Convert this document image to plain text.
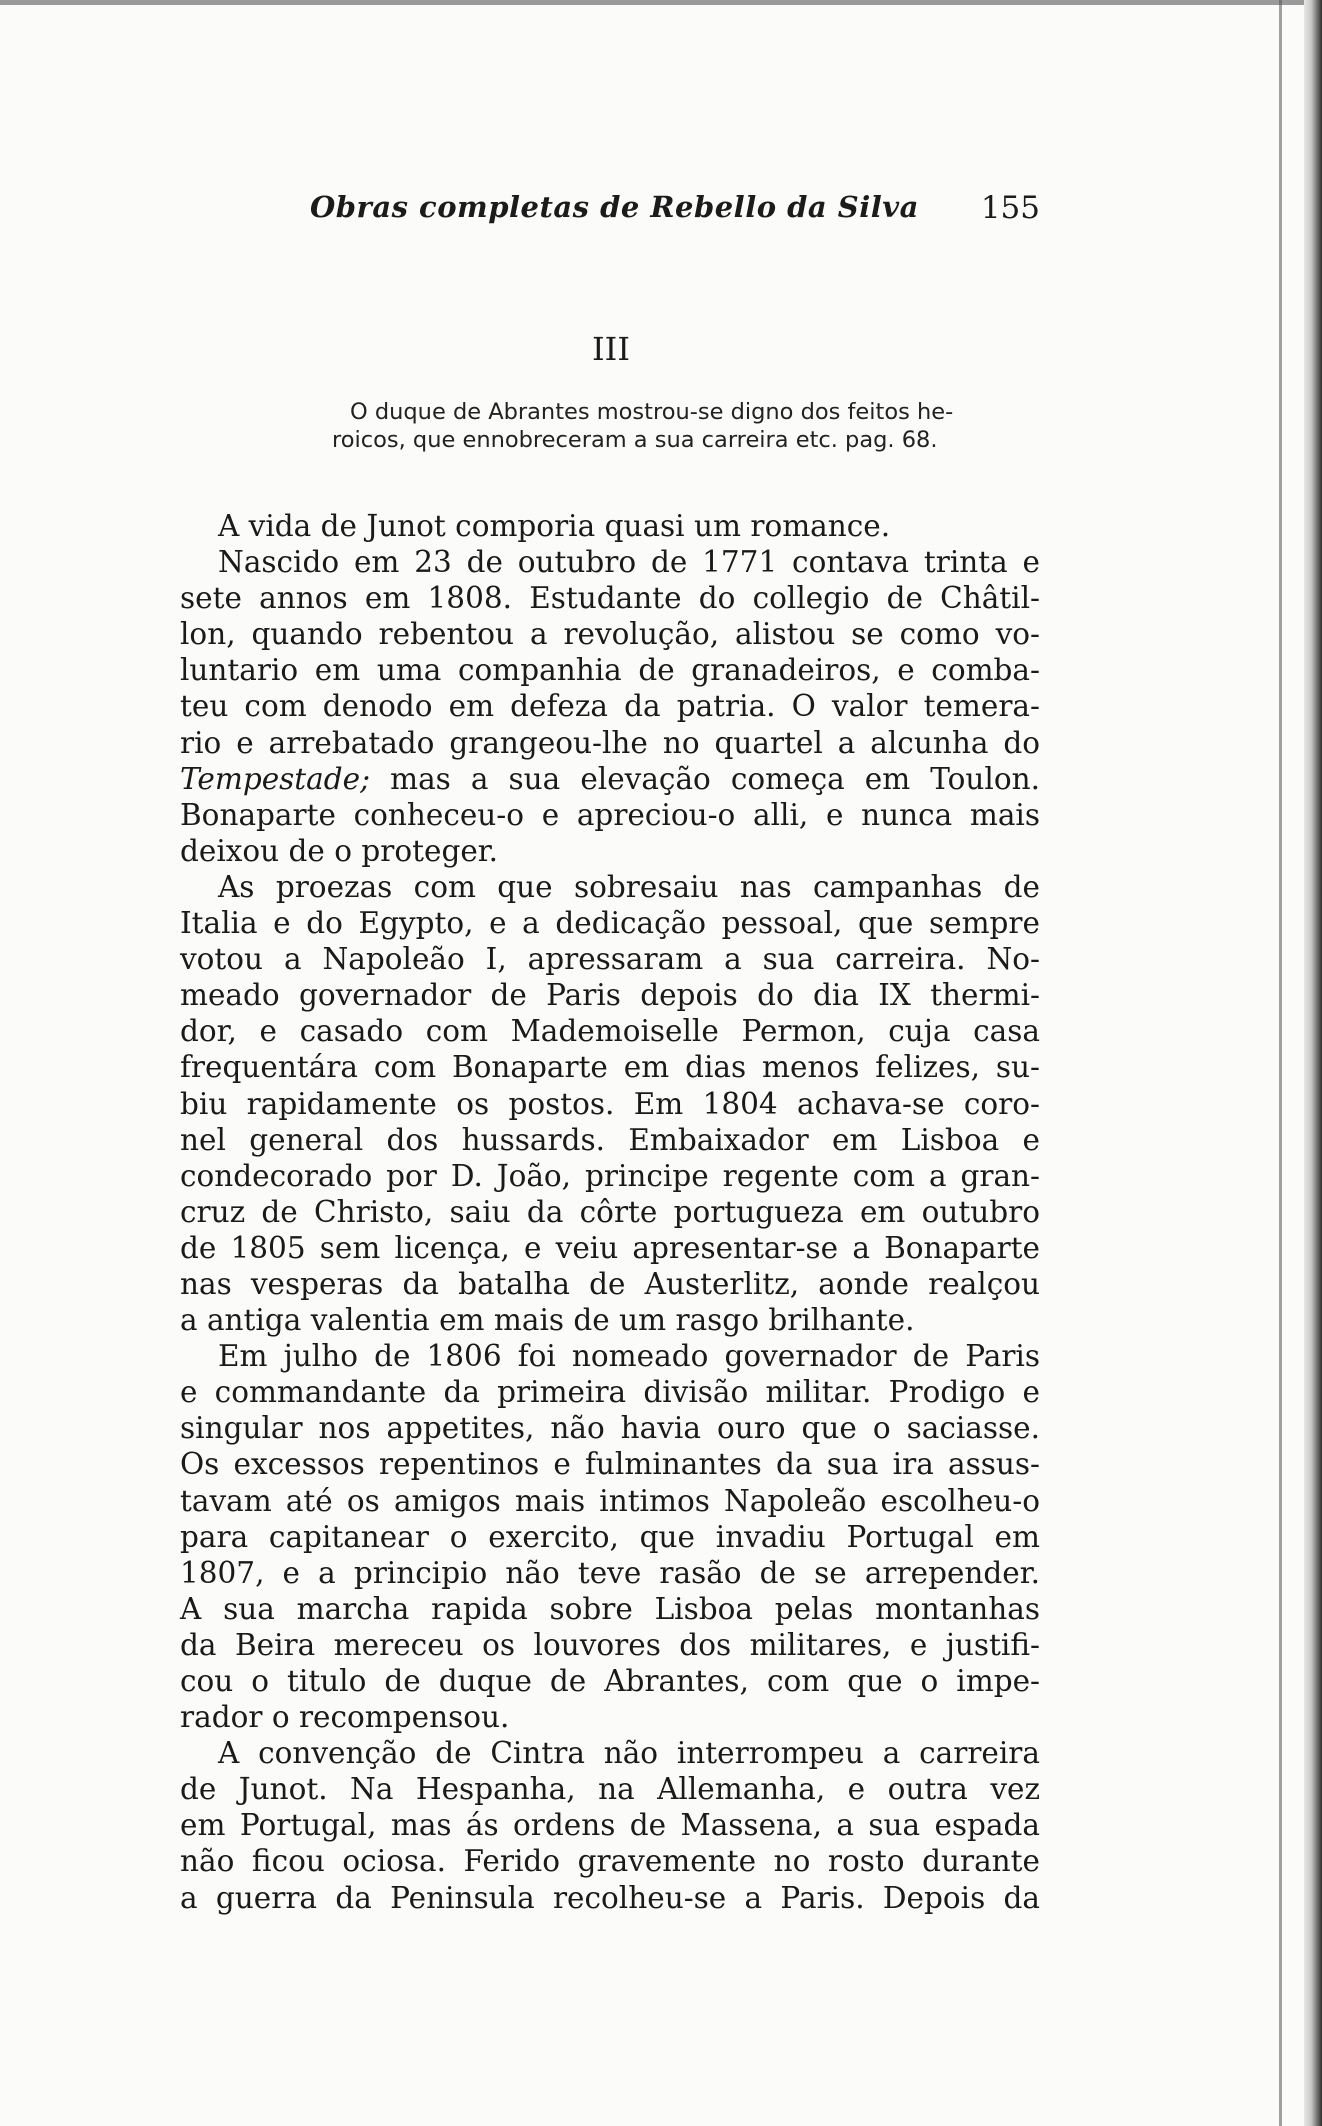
Obras completas de Rebello da Silva 155
III
O duque de Abrantes mostrou-se digno dos feitos he-
roicos, que ennobreceram a sua carreira etc. pag. 68.
A vida de Junot comporia quasi um romance.
Nascido em 23 de outubro de 1771 contava trinta e
sete annos em 1808. Estudante do collegio de Châtil-
lon, quando rebentou a revolução, alistou se como vo-
luntario em uma companhia de granadeiros, e comba-
teu com denodo em defeza da patria. O valor temera-
rio e arrebatado grangeou-lhe no quartel a alcunha do
Tempestade; mas a sua elevação começa em Toulon.
Bonaparte conheceu-o e apreciou-o alli, e nunca mais
deixou de o proteger.
As proezas com que sobresaiu nas campanhas de
Italia e do Egypto, e a dedicação pessoal, que sempre
votou a Napoleão I, apressaram a sua carreira. No-
meado governador de Paris depois do dia IX thermi-
dor, e casado com Mademoiselle Permon, cuja casa
frequentára com Bonaparte em dias menos felizes, su-
biu rapidamente os postos. Em 1804 achava-se coro-
nel general dos hussards. Embaixador em Lisboa e
condecorado por D. João, principe regente com a gran-
cruz de Christo, saiu da côrte portugueza em outubro
de 1805 sem licença, e veiu apresentar-se a Bonaparte
nas vesperas da batalha de Austerlitz, aonde realçou
a antiga valentia em mais de um rasgo brilhante.
Em julho de 1806 foi nomeado governador de Paris
e commandante da primeira divisão militar. Prodigo e
singular nos appetites, não havia ouro que o saciasse.
Os excessos repentinos e fulminantes da sua ira assus-
tavam até os amigos mais intimos Napoleão escolheu-o
para capitanear o exercito, que invadiu Portugal em
1807, e a principio não teve rasão de se arrepender.
A sua marcha rapida sobre Lisboa pelas montanhas
da Beira mereceu os louvores dos militares, e justifi-
cou o titulo de duque de Abrantes, com que o impe-
rador o recompensou.
A convenção de Cintra não interrompeu a carreira
de Junot. Na Hespanha, na Allemanha, e outra vez
em Portugal, mas ás ordens de Massena, a sua espada
não ficou ociosa. Ferido gravemente no rosto durante
a guerra da Peninsula recolheu-se a Paris. Depois da
